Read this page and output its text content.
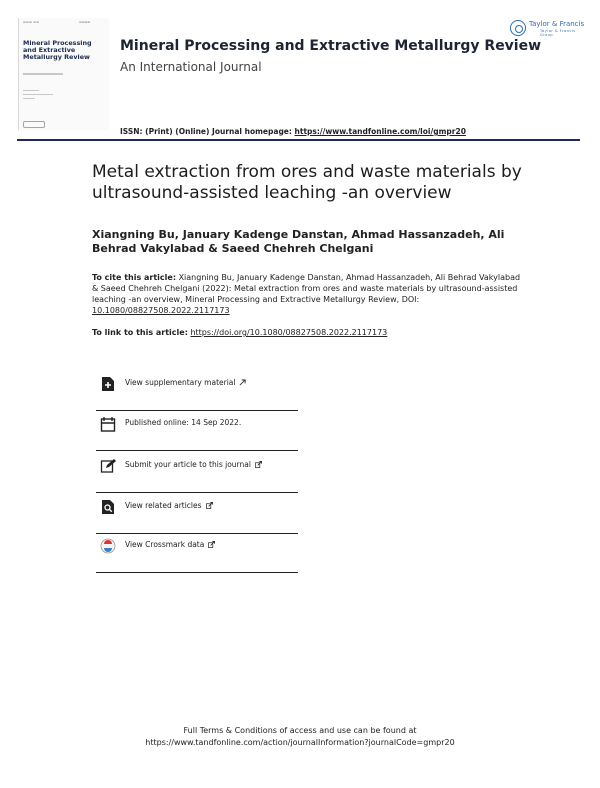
▬▬▬ ▬▬	▬▬▬▬
Mineral Processing and Extractive Metallurgy Review
Taylor & Francis
Taylor & Francis Group
Mineral Processing and Extractive Metallurgy Review
An International Journal
ISSN: (Print) (Online) Journal homepage: https://www.tandfonline.com/loi/gmpr20
Metal extraction from ores and waste materials by ultrasound-assisted leaching -an overview
Xiangning Bu, January Kadenge Danstan, Ahmad Hassanzadeh, Ali Behrad Vakylabad & Saeed Chehreh Chelgani
To cite this article: Xiangning Bu, January Kadenge Danstan, Ahmad Hassanzadeh, Ali Behrad Vakylabad & Saeed Chehreh Chelgani (2022): Metal extraction from ores and waste materials by ultrasound-assisted leaching -an overview, Mineral Processing and Extractive Metallurgy Review, DOI: 10.1080/08827508.2022.2117173
To link to this article: https://doi.org/10.1080/08827508.2022.2117173
View supplementary material
Published online: 14 Sep 2022.
Submit your article to this journal
View related articles
View Crossmark data
Full Terms & Conditions of access and use can be found at
https://www.tandfonline.com/action/journalInformation?journalCode=gmpr20
